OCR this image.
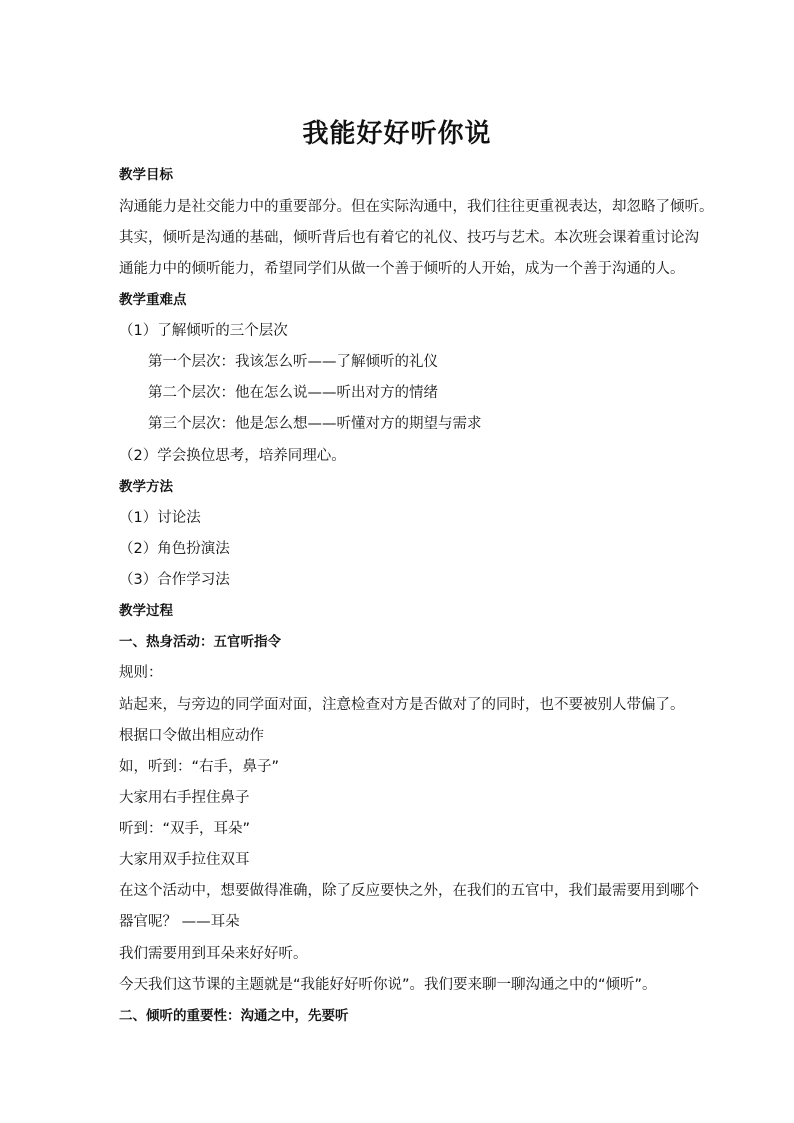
我能好好听你说
教学目标
沟通能力是社交能力中的重要部分。但在实际沟通中，我们往往更重视表达，却忽略了倾听。
其实，倾听是沟通的基础，倾听背后也有着它的礼仪、技巧与艺术。本次班会课着重讨论沟
通能力中的倾听能力，希望同学们从做一个善于倾听的人开始，成为一个善于沟通的人。
教学重难点
（1）了解倾听的三个层次
第一个层次：我该怎么听——了解倾听的礼仪
第二个层次：他在怎么说——听出对方的情绪
第三个层次：他是怎么想——听懂对方的期望与需求
（2）学会换位思考，培养同理心。
教学方法
（1）讨论法
（2）角色扮演法
（3）合作学习法
教学过程
一、热身活动：五官听指令
规则：
站起来，与旁边的同学面对面，注意检查对方是否做对了的同时，也不要被别人带偏了。
根据口令做出相应动作
如，听到：“右手，鼻子”
大家用右手捏住鼻子
听到：“双手，耳朵”
大家用双手拉住双耳
在这个活动中，想要做得准确，除了反应要快之外，在我们的五官中，我们最需要用到哪个
器官呢？ ——耳朵
我们需要用到耳朵来好好听。
今天我们这节课的主题就是“我能好好听你说”。我们要来聊一聊沟通之中的“倾听”。
二、倾听的重要性：沟通之中，先要听
